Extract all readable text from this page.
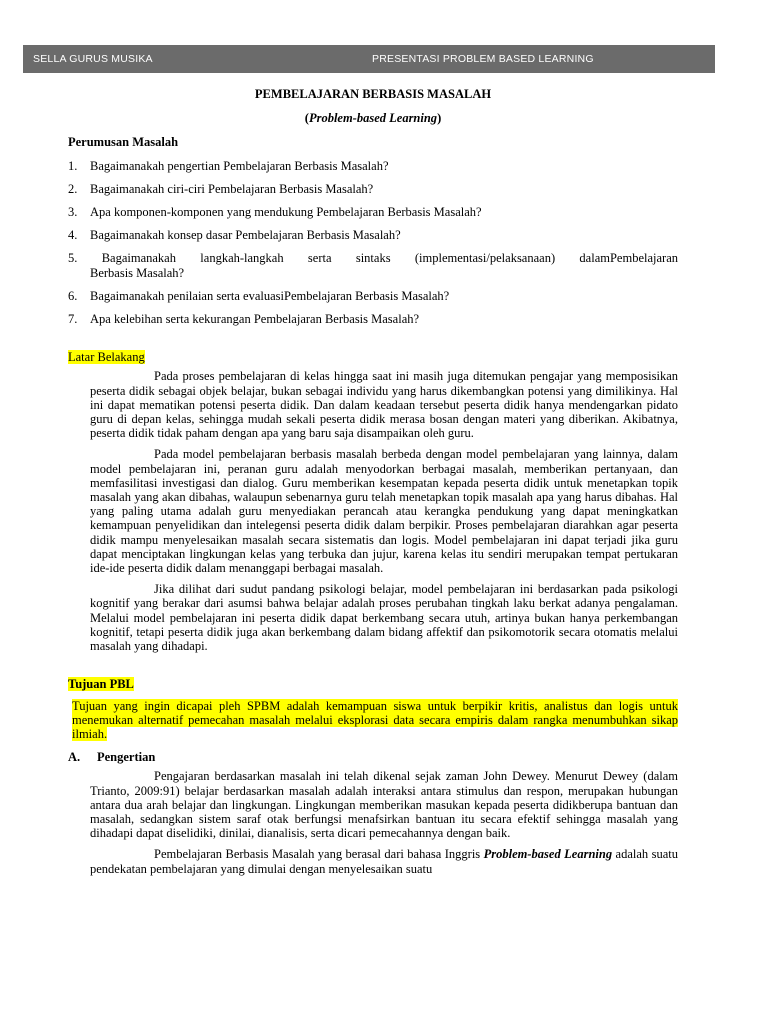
SELLA GURUS MUSIKA	PRESENTASI PROBLEM BASED LEARNING

PEMBELAJARAN BERBASIS MASALAH

(Problem-based Learning)

Perumusan Masalah
1. Bagaimanakah pengertian Pembelajaran Berbasis Masalah?
2. Bagaimanakah ciri-ciri Pembelajaran Berbasis Masalah?
3. Apa komponen-komponen yang mendukung Pembelajaran Berbasis Masalah?
4. Bagaimanakah konsep dasar Pembelajaran Berbasis Masalah?
5. Bagaimanakah langkah-langkah serta sintaks (implementasi/pelaksanaan) dalamPembelajaran
Berbasis Masalah?
6. Bagaimanakah penilaian serta evaluasiPembelajaran Berbasis Masalah?
7. Apa kelebihan serta kekurangan Pembelajaran Berbasis Masalah?
Latar Belakang

Pada proses pembelajaran di kelas hingga saat ini masih juga ditemukan pengajar yang memposisikan peserta didik sebagai objek belajar, bukan sebagai individu yang harus dikembangkan potensi yang dimilikinya. Hal ini dapat mematikan potensi peserta didik. Dan dalam keadaan tersebut peserta didik hanya mendengarkan pidato guru di depan kelas, sehingga mudah sekali peserta didik merasa bosan dengan materi yang diberikan. Akibatnya, peserta didik tidak paham dengan apa yang baru saja disampaikan oleh guru.

Pada model pembelajaran berbasis masalah berbeda dengan model pembelajaran yang lainnya, dalam model pembelajaran ini, peranan guru adalah menyodorkan berbagai masalah, memberikan pertanyaan, dan memfasilitasi investigasi dan dialog. Guru memberikan kesempatan kepada peserta didik untuk menetapkan topik masalah yang akan dibahas, walaupun sebenarnya guru telah menetapkan topik masalah apa yang harus dibahas. Hal yang paling utama adalah guru menyediakan perancah atau kerangka pendukung yang dapat meningkatkan kemampuan penyelidikan dan intelegensi peserta didik dalam berpikir. Proses pembelajaran diarahkan agar peserta didik mampu menyelesaikan masalah secara sistematis dan logis. Model pembelajaran ini dapat terjadi jika guru dapat menciptakan lingkungan kelas yang terbuka dan jujur, karena kelas itu sendiri merupakan tempat pertukaran ide-ide peserta didik dalam menanggapi berbagai masalah.

Jika dilihat dari sudut pandang psikologi belajar, model pembelajaran ini berdasarkan pada psikologi kognitif yang berakar dari asumsi bahwa belajar adalah proses perubahan tingkah laku berkat adanya pengalaman. Melalui model pembelajaran ini peserta didik dapat berkembang secara utuh, artinya bukan hanya perkembangan kognitif, tetapi peserta didik juga akan berkembang dalam bidang affektif dan psikomotorik secara otomatis melalui masalah yang dihadapi.

Tujuan PBL
Tujuan yang ingin dicapai pleh SPBM adalah kemampuan siswa untuk berpikir kritis, analistus dan logis untuk menemukan alternatif pemecahan masalah melalui eksplorasi data secara empiris dalam rangka menumbuhkan sikap ilmiah.
A. Pengertian

Pengajaran berdasarkan masalah ini telah dikenal sejak zaman John Dewey. Menurut Dewey (dalam Trianto, 2009:91) belajar berdasarkan masalah adalah interaksi antara stimulus dan respon, merupakan hubungan antara dua arah belajar dan lingkungan. Lingkungan memberikan masukan kepada peserta didikberupa bantuan dan masalah, sedangkan sistem saraf otak berfungsi menafsirkan bantuan itu secara efektif sehingga masalah yang dihadapi dapat diselidiki, dinilai, dianalisis, serta dicari pemecahannya dengan baik.

Pembelajaran Berbasis Masalah yang berasal dari bahasa Inggris Problem-based Learning adalah suatu pendekatan pembelajaran yang dimulai dengan menyelesaikan suatu
